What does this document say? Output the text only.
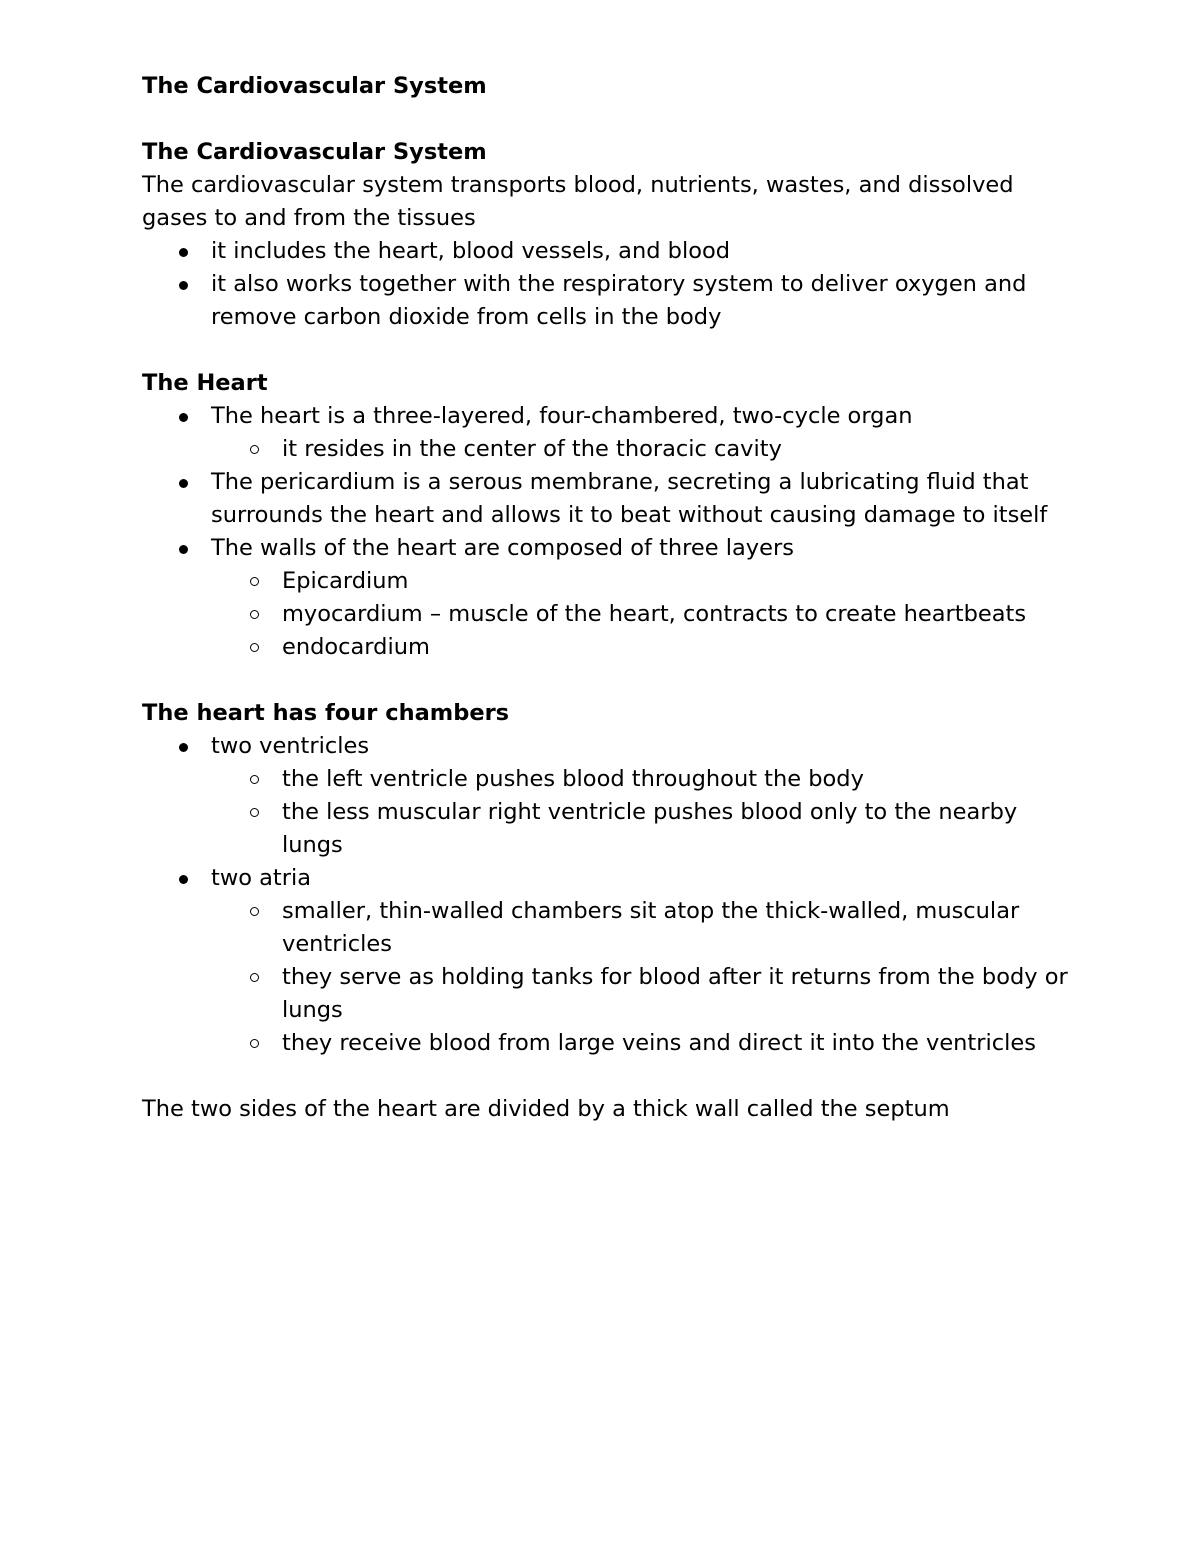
The Cardiovascular System

The Cardiovascular System

The cardiovascular system transports blood, nutrients, wastes, and dissolved gases to and from the tissues

it includes the heart, blood vessels, and blood
it also works together with the respiratory system to deliver oxygen and remove carbon dioxide from cells in the body

The Heart

The heart is a three-layered, four-chambered, two-cycle organ
it resides in the center of the thoracic cavity
The pericardium is a serous membrane, secreting a lubricating fluid that surrounds the heart and allows it to beat without causing damage to itself
The walls of the heart are composed of three layers
Epicardium
myocardium – muscle of the heart, contracts to create heartbeats
endocardium

The heart has four chambers

two ventricles
the left ventricle pushes blood throughout the body
the less muscular right ventricle pushes blood only to the nearby lungs
two atria
smaller, thin-walled chambers sit atop the thick-walled, muscular ventricles
they serve as holding tanks for blood after it returns from the body or lungs
they receive blood from large veins and direct it into the ventricles

The two sides of the heart are divided by a thick wall called the septum
